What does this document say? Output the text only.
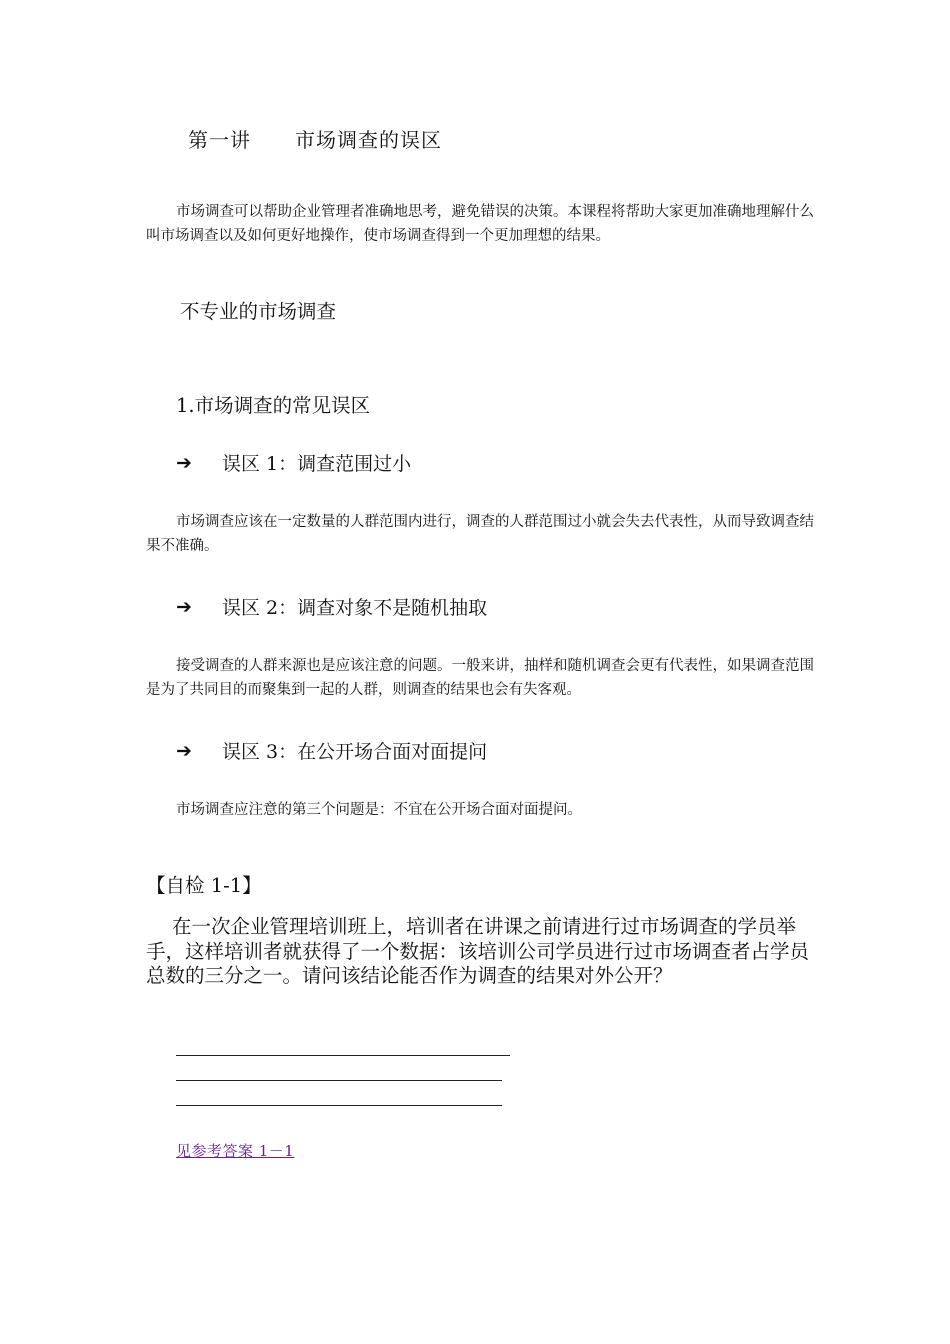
第一讲 市场调查的误区
市场调查可以帮助企业管理者准确地思考，避免错误的决策。本课程将帮助大家更加准确地理解什么叫市场调查以及如何更好地操作，使市场调查得到一个更加理想的结果。
不专业的市场调查
1.市场调查的常见误区
➔	误区 1：调查范围过小
市场调查应该在一定数量的人群范围内进行，调查的人群范围过小就会失去代表性，从而导致调查结果不准确。
➔	误区 2：调查对象不是随机抽取
接受调查的人群来源也是应该注意的问题。一般来讲，抽样和随机调查会更有代表性，如果调查范围是为了共同目的而聚集到一起的人群，则调查的结果也会有失客观。
➔	误区 3：在公开场合面对面提问
市场调查应注意的第三个问题是：不宜在公开场合面对面提问。
【自检 1-1】
在一次企业管理培训班上，培训者在讲课之前请进行过市场调查的学员举手，这样培训者就获得了一个数据：该培训公司学员进行过市场调查者占学员总数的三分之一。请问该结论能否作为调查的结果对外公开？
见参考答案 1－1
